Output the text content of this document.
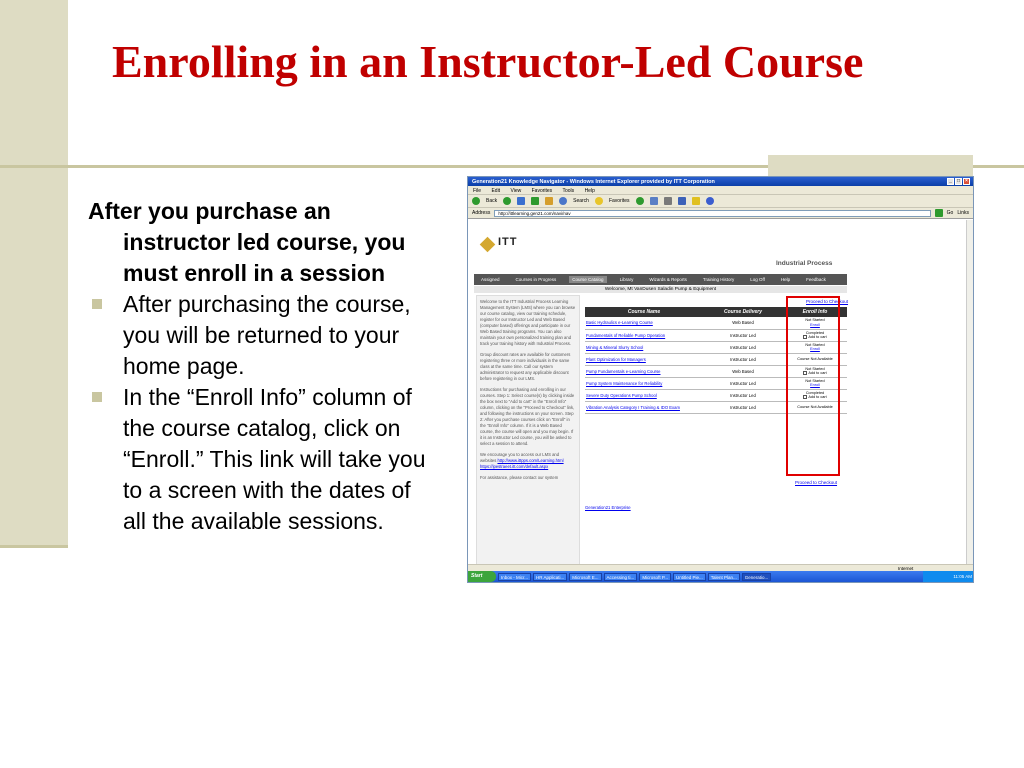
Enrolling in an Instructor-Led Course
After you purchase an instructor led course, you must enroll in a session
After purchasing the course, you will be returned to your home page.
In the “Enroll Info” column of the course catalog, click on “Enroll.” This link will take you to a screen with the dates of all the available sessions.
Generation21 Knowledge Navigator - Windows Internet Explorer provided by ITT Corporation	_	□	×
File Edit View Favorites Tools Help
Back	Search	Favorites
Address	http://ittlearning.gen21.com/navi/nav	Go Links
ITT
Industrial Process
Assigned	Courses in Progress	Course Catalog	Library	Wizards & Reports	Training History	Log Off	Help	Feedback
Welcome, Mt VanDusen Saladin Pump & Equipment

Welcome to the ITT Industrial Process Learning Management System (LMS) where you can browse our course catalog, view our training schedule, register for our Instructor Led and Web Based (computer based) offerings and participate in our Web Based training programs. You can also maintain your own personalized training plan and track your training history with Industrial Process.

Group discount rates are available for customers registering three or more individuals in the same class at the same time. Call our system administrator to request any applicable discount before registering in our LMS.

Instructions for purchasing and enrolling in our courses. Step 1: Select course(s) by clicking inside the box next to "Add to cart" in the "Enroll Info" column, clicking on the "Proceed to Checkout" link, and following the instructions on your screen. Step 2: After you purchase courses click on "Enroll" in the "Enroll Info" column. If it is a Web Based course, the course will open and you may begin. If it is an Instructor Led course, you will be asked to select a session to attend.

We encourage you to access our LMS and websites http://www.ittpps.com/Learning.html https://ipestraeet.itt.com/default.aspx

For assistance, please contact our system

Proceed to Checkout
Course Name	Course Delivery	Enroll Info
Basic Hydraulics e-Learning Course	Web Based	Not Started
Enroll

Fundamentals of Reliable Pump Operation	Instructor Led	Completed
Add to cart

Mining & Mineral Slurry School	Instructor Led	Not Started
Enroll

Plant Optimization for Managers	Instructor Led	Course Not Available
Pump Fundamentals e-Learning Course	Web Based	Not Started
Add to cart

Pump System Maintenance for Reliability	Instructor Led	Not Started
Enroll

Severe Duty Operations Pump School	Instructor Led	Completed
Add to cart

Vibration Analysis Category I Training & IDO Exam	Instructor Led	Course Not Available
Proceed to Checkout
Generation21 Enterprise
Internet
Start	Inbox - Micr...	HR Applicati...	Microsoft E...	Accessing ti...	Microsoft P...	Untitled Pie...	Talent Plan...	Generatio...	11:05 AM
